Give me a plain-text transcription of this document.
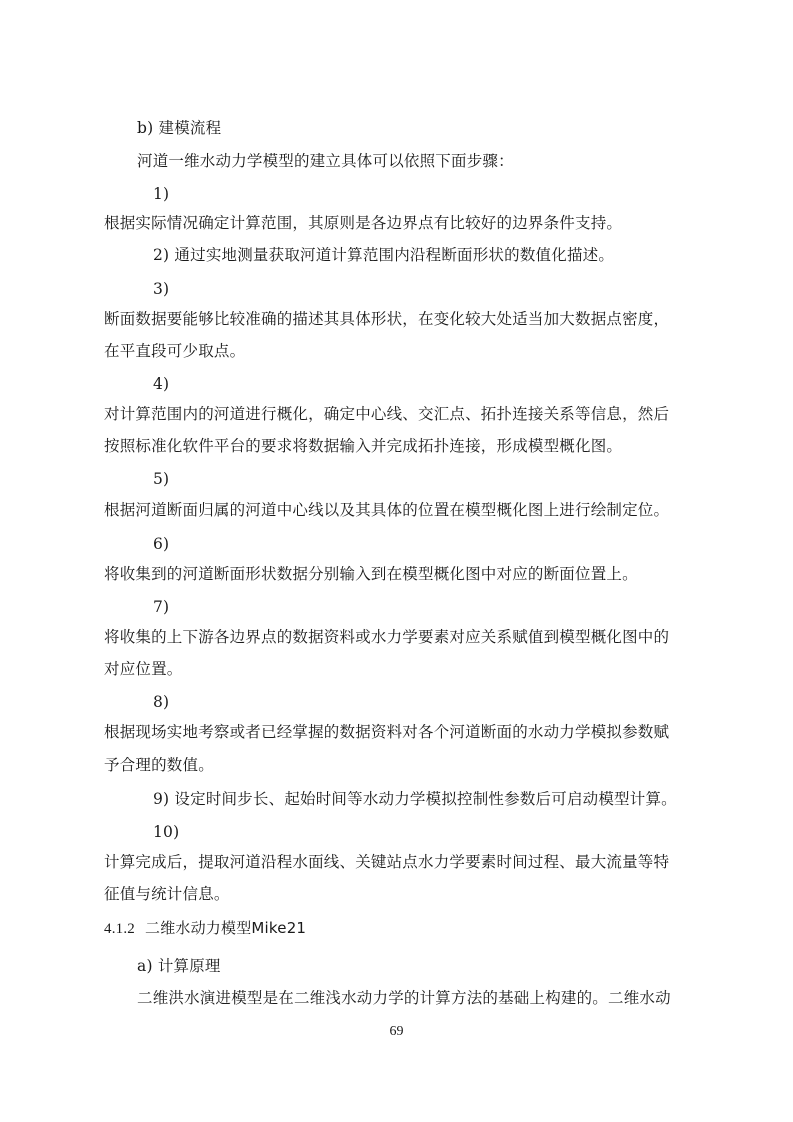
b) 建模流程
河道一维水动力学模型的建立具体可以依照下面步骤：
1)
根据实际情况确定计算范围，其原则是各边界点有比较好的边界条件支持。
2) 通过实地测量获取河道计算范围内沿程断面形状的数值化描述。
3)
断面数据要能够比较准确的描述其具体形状，在变化较大处适当加大数据点密度，
在平直段可少取点。
4)
对计算范围内的河道进行概化，确定中心线、交汇点、拓扑连接关系等信息，然后
按照标准化软件平台的要求将数据输入并完成拓扑连接，形成模型概化图。
5)
根据河道断面归属的河道中心线以及其具体的位置在模型概化图上进行绘制定位。
6)
将收集到的河道断面形状数据分别输入到在模型概化图中对应的断面位置上。
7)
将收集的上下游各边界点的数据资料或水力学要素对应关系赋值到模型概化图中的
对应位置。
8)
根据现场实地考察或者已经掌握的数据资料对各个河道断面的水动力学模拟参数赋
予合理的数值。
9) 设定时间步长、起始时间等水动力学模拟控制性参数后可启动模型计算。
10)
计算完成后，提取河道沿程水面线、关键站点水力学要素时间过程、最大流量等特
征值与统计信息。
4.1.2 二维水动力模型Mike21
a) 计算原理
二维洪水演进模型是在二维浅水动力学的计算方法的基础上构建的。二维水动
69
